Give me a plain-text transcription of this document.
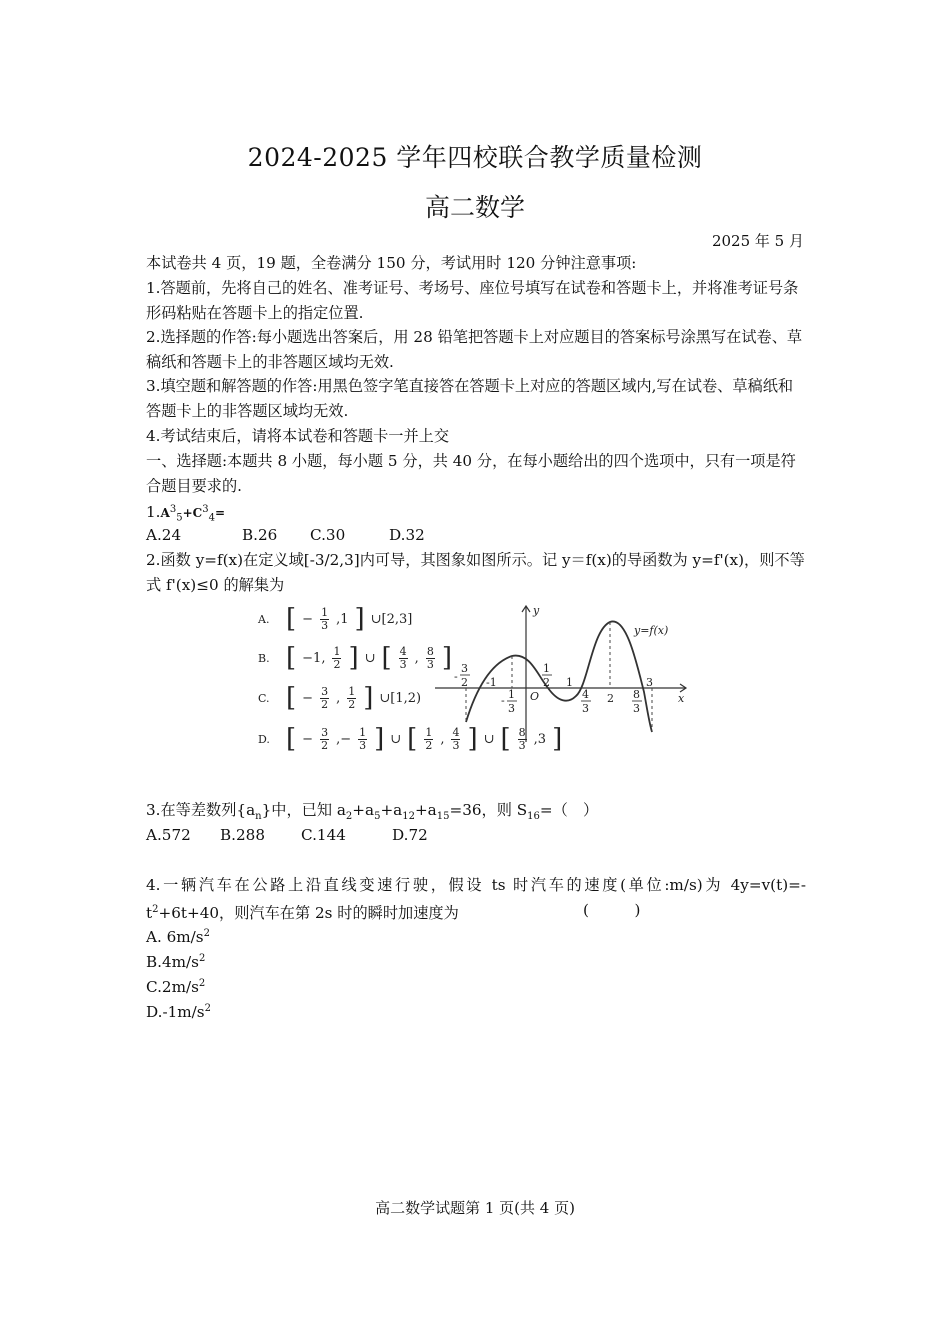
2024-2025 学年四校联合教学质量检测
高二数学
2025 年 5 月
本试卷共 4 页，19 题，全卷满分 150 分，考试用时 120 分钟注意事项:
1.答题前，先将自己的姓名、准考证号、考场号、座位号填写在试卷和答题卡上，并将准考证号条形码粘贴在答题卡上的指定位置.
2.选择题的作答:每小题选出答案后，用 28 铅笔把答题卡上对应题目的答案标号涂黑写在试卷、草稿纸和答题卡上的非答题区域均无效.
3.填空题和解答题的作答:用黑色签字笔直接答在答题卡上对应的答题区域内,写在试卷、草稿纸和答题卡上的非答题区域均无效.
4.考试结束后，请将本试卷和答题卡一并上交
一、选择题:本题共 8 小题，每小题 5 分，共 40 分，在每小题给出的四个选项中，只有一项是符合题目要求的.
$1.A^3_5+C^3_4=$
A.24	B.26 C.30	D.32
2.函数 y=f(x)在定义域[-3/2,3]内可导，其图象如图所示。记 y＝f(x)的导函数为 y=f'(x)，则不等式 f'(x)≤0 的解集为
A. [ − $\frac{1}{3} ,1$ ] ∪[2,3]
B. [ −1, $\frac{1}{2}$ ] ∪ [ $\frac{4}{3}$ , $\frac{8}{3}$ ]
C. [ − $\frac{3}{2}$ , $\frac{1}{2}$ ] ∪[1,2)
D. [ − $\frac{3}{2}$ ,− $\frac{1}{3}$ ] ∪ [ $\frac{1}{2}$ , $\frac{4}{3}$ ] ∪ [ $\frac{8}{3} ,3$ ]
y
x
y=f(x)
O
-1	1
2
3
-
3
2
- 1
3
1
2
4
3
8
3
3.在等差数列$\{a_n\}$中，已知 $a_2+a_5+a_{12}+a_{15}=36$，则 $S_{16}=$（　）
A.572 B.288 C.144	D.72
4.一辆汽车在公路上沿直线变速行驶，假设 ts 时汽车的速度(单位:m/s)为 4y=v(t)=-
$t^2+6t+40$，则汽车在第 2s 时的瞬时加速度为	(　　　)
A. $6m/s^2$
$B.4m/s^2$
$C.2m/s^2$
$D.-1m/s^2$
高二数学试题第 1 页(共 4 页)
